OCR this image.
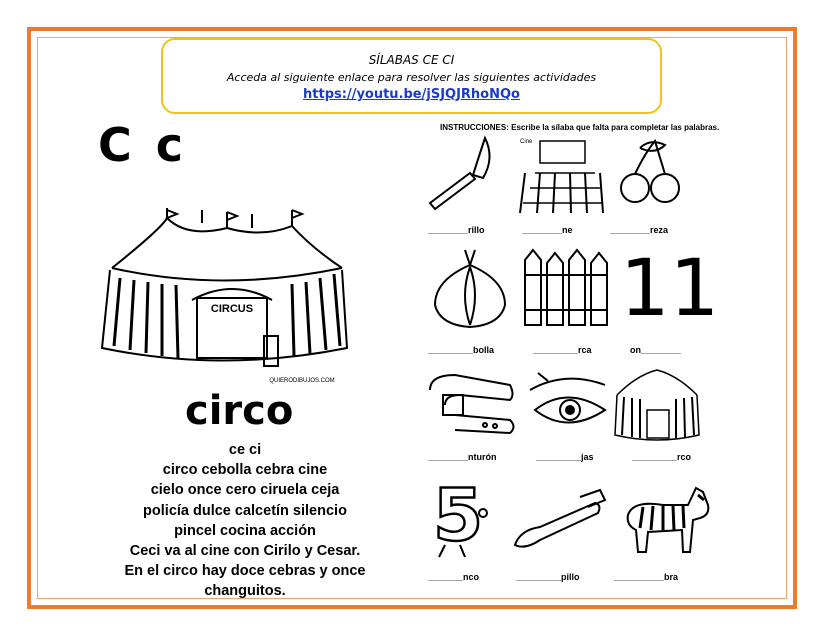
SÍLABAS CE CI
Acceda al siguiente enlace para resolver las siguientes actividades
https://youtu.be/jSJQJRhoNQo
C c
CIRCUS
QUIERODIBUJOS.COM
circo
ce ci
circo cebolla cebra cine
cielo once cero ciruela ceja
policía dulce calcetín silencio
pincel cocina acción
Ceci va al cine con Cirilo y Cesar.
En el circo hay doce cebras y once
changuitos.
INSTRUCCIONES: Escribe la sílaba que falta para completar las palabras.
Cine
________rillo	________ne	________reza
11
_________bolla	_________rca	on________
________nturón	_________jas	_________rco
5
_______nco	_________pillo	__________bra
